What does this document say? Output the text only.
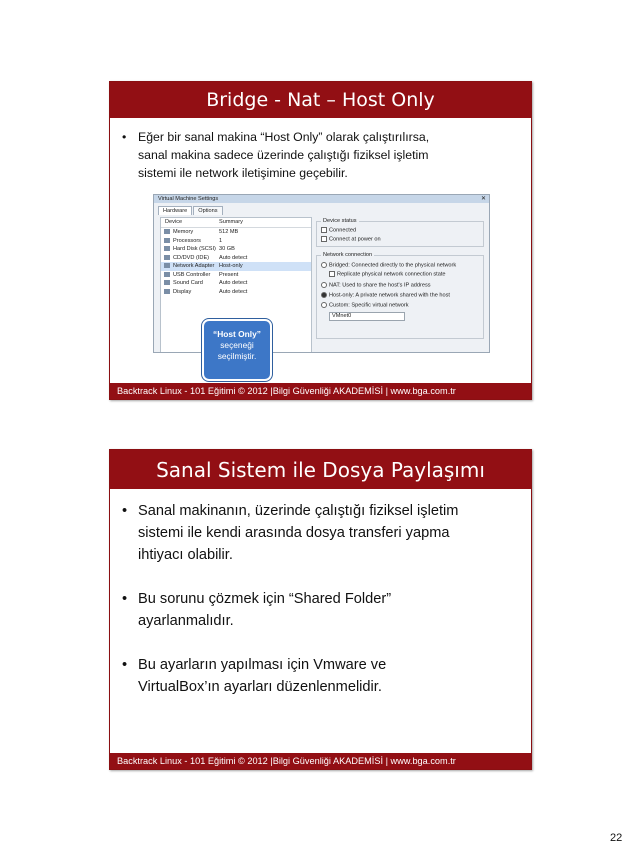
Bridge - Nat – Host Only
• Eğer bir sanal makina “Host Only” olarak çalıştırılırsa,
sanal makina sadece üzerinde çalıştığı fiziksel işletim
sistemi ile network iletişimine geçebilir.
Virtual Machine Settings	✕
Hardware Options
Device	Summary
Memory	512 MB
Processors	1
Hard Disk (SCSI) 30 GB
CD/DVD (IDE) Auto detect
Network Adapter Host-only
USB Controller Present
Sound Card	Auto detect
Display	Auto detect
Device status
Connected
Connect at power on
Network connection
Bridged: Connected directly to the physical network
Replicate physical network connection state
NAT: Used to share the host's IP address
Host-only: A private network shared with the host
Custom: Specific virtual network
VMnet0
“Host Only”
seçeneği
seçilmiştir.
Backtrack Linux - 101 Eğitimi © 2012 |Bilgi Güvenliği AKADEMİSİ | www.bga.com.tr
Sanal Sistem ile Dosya Paylaşımı
• Sanal makinanın, üzerinde çalıştığı fiziksel işletim
sistemi ile kendi arasında dosya transferi yapma
ihtiyacı olabilir.
• Bu sorunu çözmek için “Shared Folder”
ayarlanmalıdır.
• Bu ayarların yapılması için Vmware ve
VirtualBox’ın ayarları düzenlenmelidir.
Backtrack Linux - 101 Eğitimi © 2012 |Bilgi Güvenliği AKADEMİSİ | www.bga.com.tr
22
